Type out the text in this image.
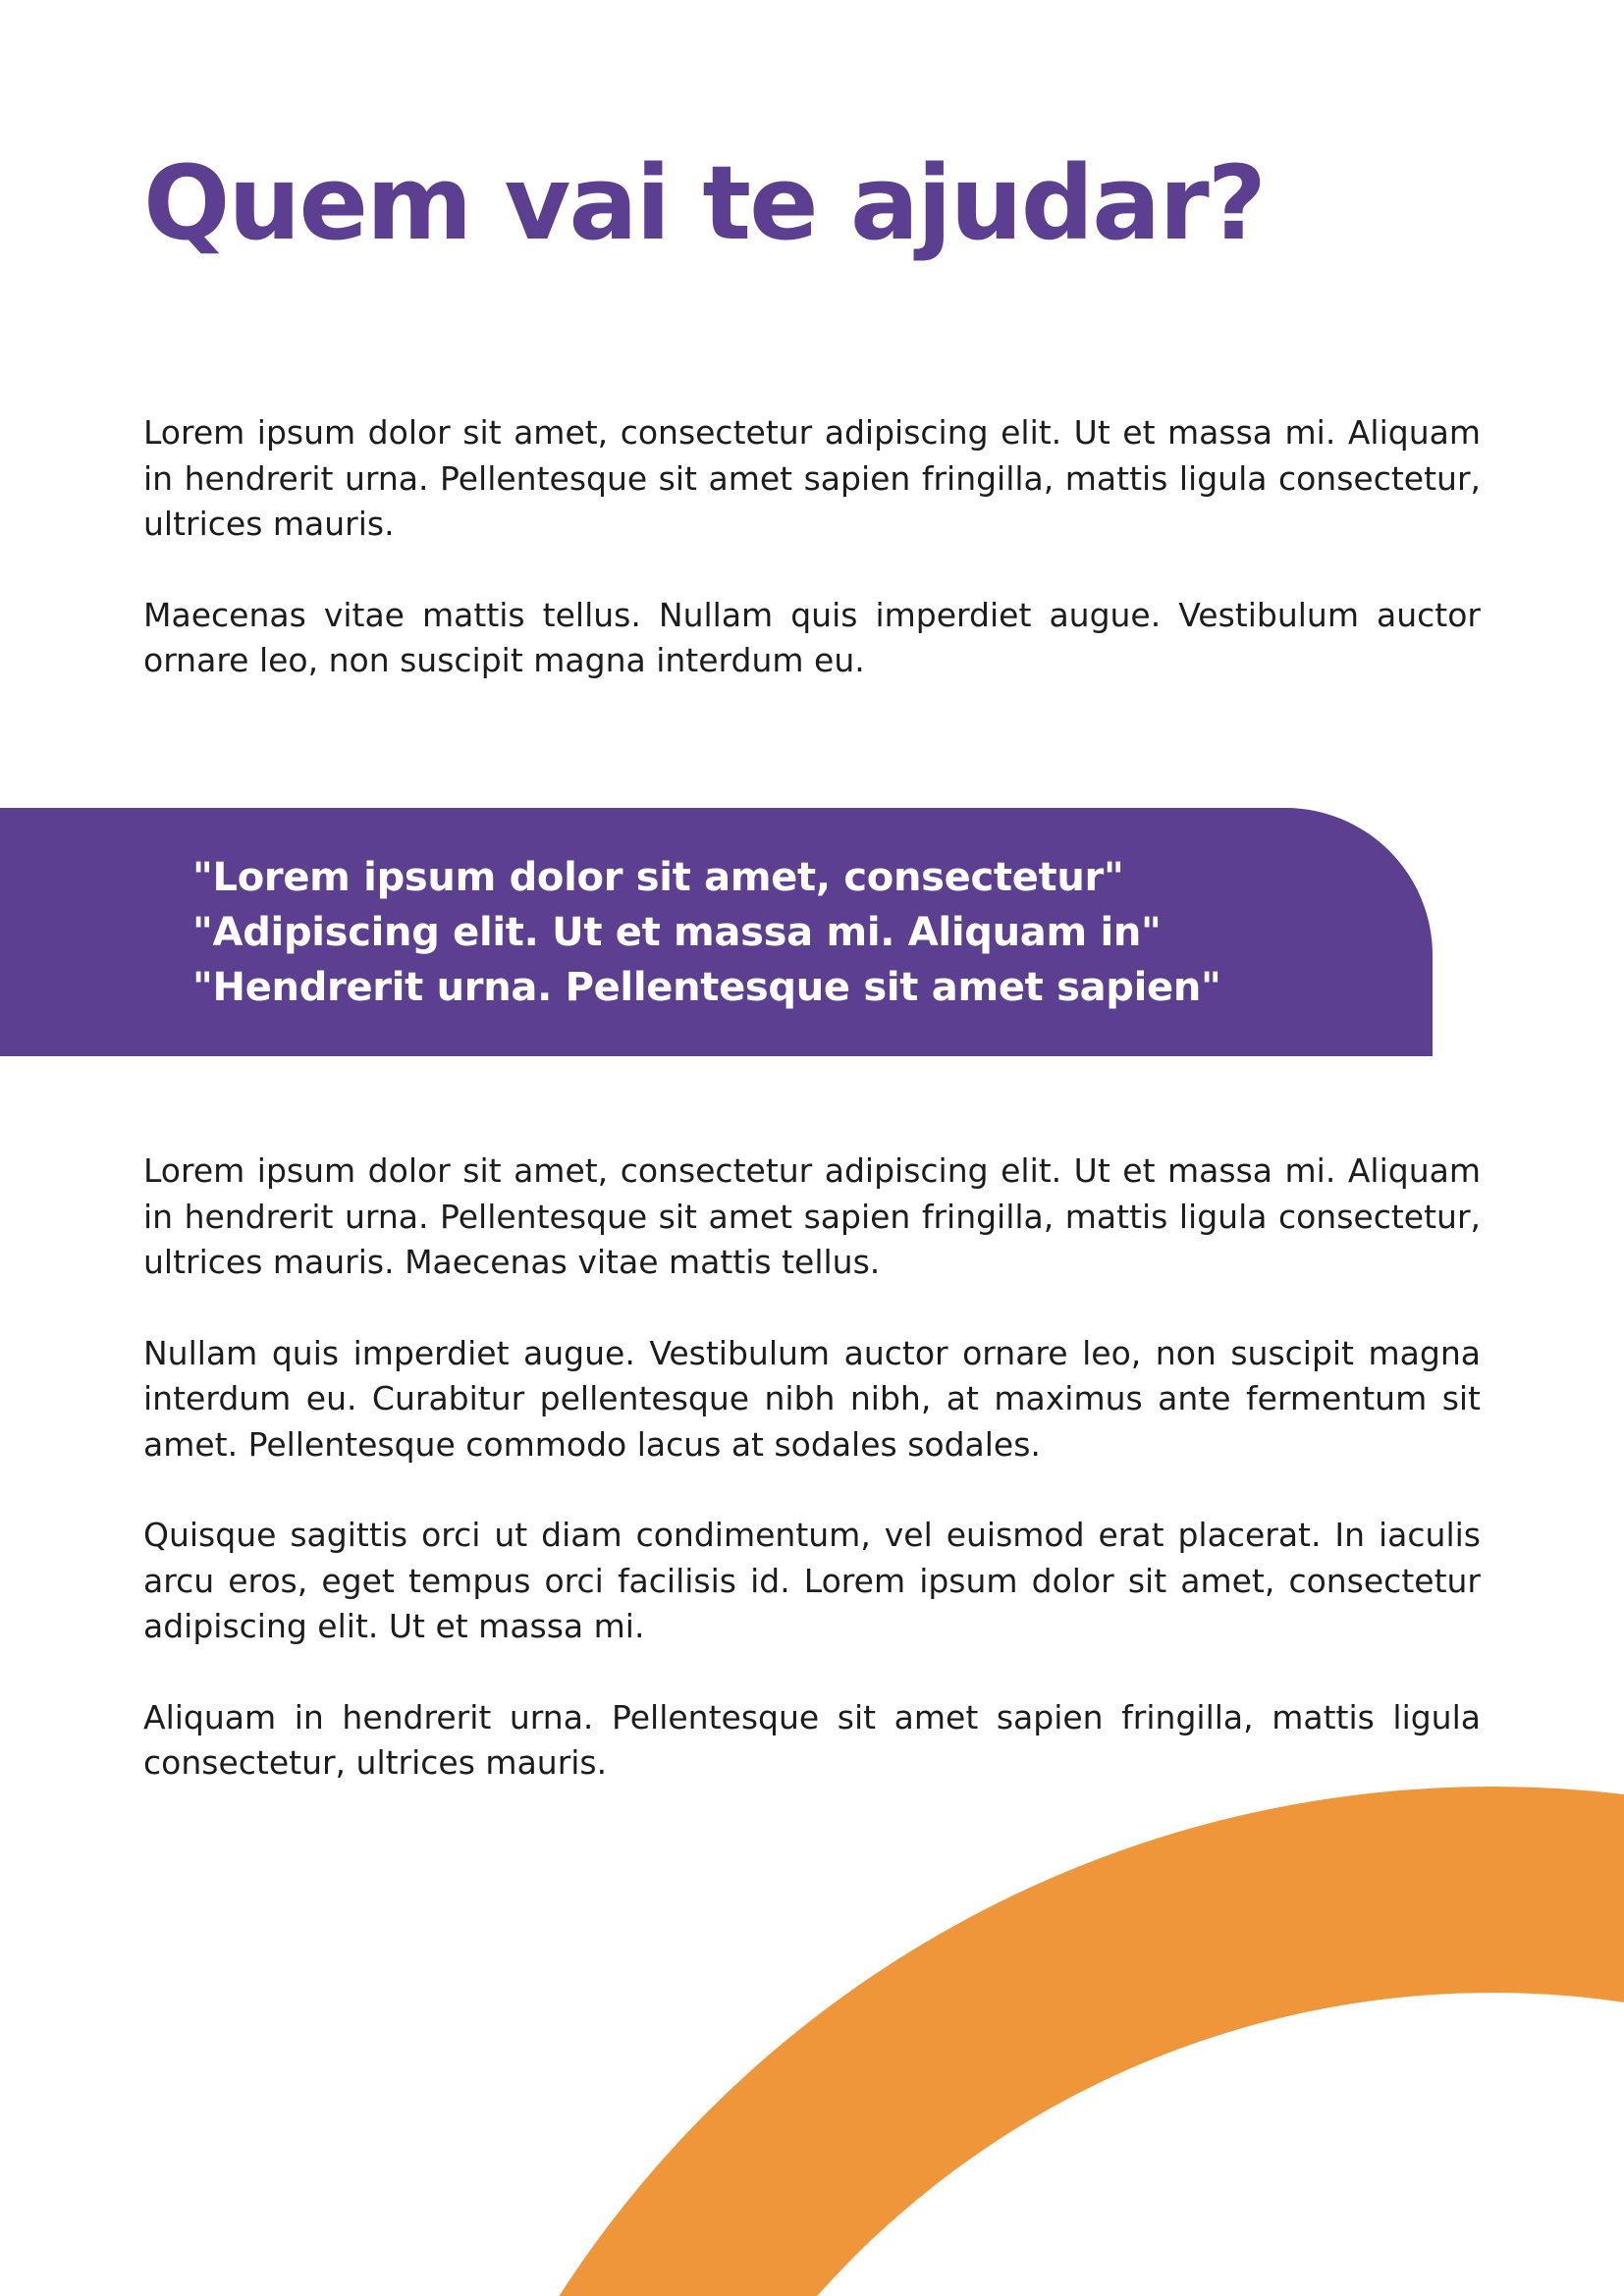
Quem vai te ajudar?

Lorem ipsum dolor sit amet, consectetur adipiscing elit. Ut et massa mi. Aliquam in hendrerit urna. Pellentesque sit amet sapien fringilla, mattis ligula consectetur, ultrices mauris.

Maecenas vitae mattis tellus. Nullam quis imperdiet augue. Vestibulum auctor ornare leo, non suscipit magna interdum eu.

"Lorem ipsum dolor sit amet, consectetur"

"Adipiscing elit. Ut et massa mi. Aliquam in"

"Hendrerit urna. Pellentesque sit amet sapien"

Lorem ipsum dolor sit amet, consectetur adipiscing elit. Ut et massa mi. Aliquam in hendrerit urna. Pellentesque sit amet sapien fringilla, mattis ligula consectetur, ultrices mauris. Maecenas vitae mattis tellus.

Nullam quis imperdiet augue. Vestibulum auctor ornare leo, non suscipit magna interdum eu. Curabitur pellentesque nibh nibh, at maximus ante fermentum sit amet. Pellentesque commodo lacus at sodales sodales.

Quisque sagittis orci ut diam condimentum, vel euismod erat placerat. In iaculis arcu eros, eget tempus orci facilisis id. Lorem ipsum dolor sit amet, consectetur adipiscing elit. Ut et massa mi.

Aliquam in hendrerit urna. Pellentesque sit amet sapien fringilla, mattis ligula consectetur, ultrices mauris.
